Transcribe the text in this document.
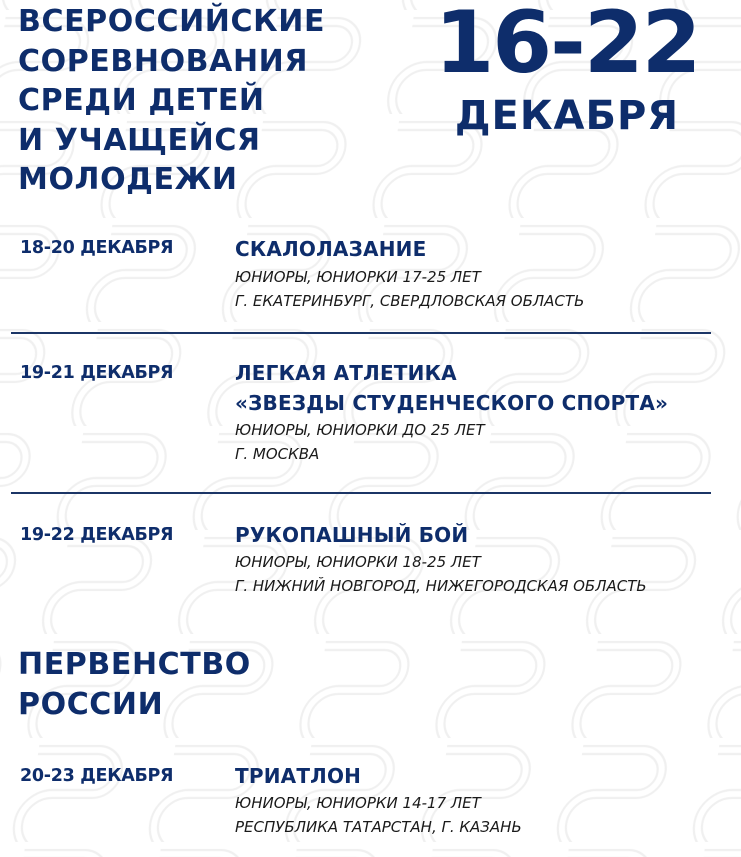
ВСЕРОССИЙСКИЕ
СОРЕВНОВАНИЯ
СРЕДИ ДЕТЕЙ
И УЧАЩЕЙСЯ
МОЛОДЕЖИ
16-22
ДЕКАБРЯ
18-20 ДЕКАБРЯ	СКАЛОЛАЗАНИЕ
ЮНИОРЫ, ЮНИОРКИ 17-25 ЛЕТ
Г. ЕКАТЕРИНБУРГ, СВЕРДЛОВСКАЯ ОБЛАСТЬ
19-21 ДЕКАБРЯ	ЛЕГКАЯ АТЛЕТИКА
«ЗВЕЗДЫ СТУДЕНЧЕСКОГО СПОРТА»
ЮНИОРЫ, ЮНИОРКИ ДО 25 ЛЕТ
Г. МОСКВА
19-22 ДЕКАБРЯ	РУКОПАШНЫЙ БОЙ
ЮНИОРЫ, ЮНИОРКИ 18-25 ЛЕТ
Г. НИЖНИЙ НОВГОРОД, НИЖЕГОРОДСКАЯ ОБЛАСТЬ
ПЕРВЕНСТВО
РОССИИ
20-23 ДЕКАБРЯ	ТРИАТЛОН
ЮНИОРЫ, ЮНИОРКИ 14-17 ЛЕТ
РЕСПУБЛИКА ТАТАРСТАН, Г. КАЗАНЬ
